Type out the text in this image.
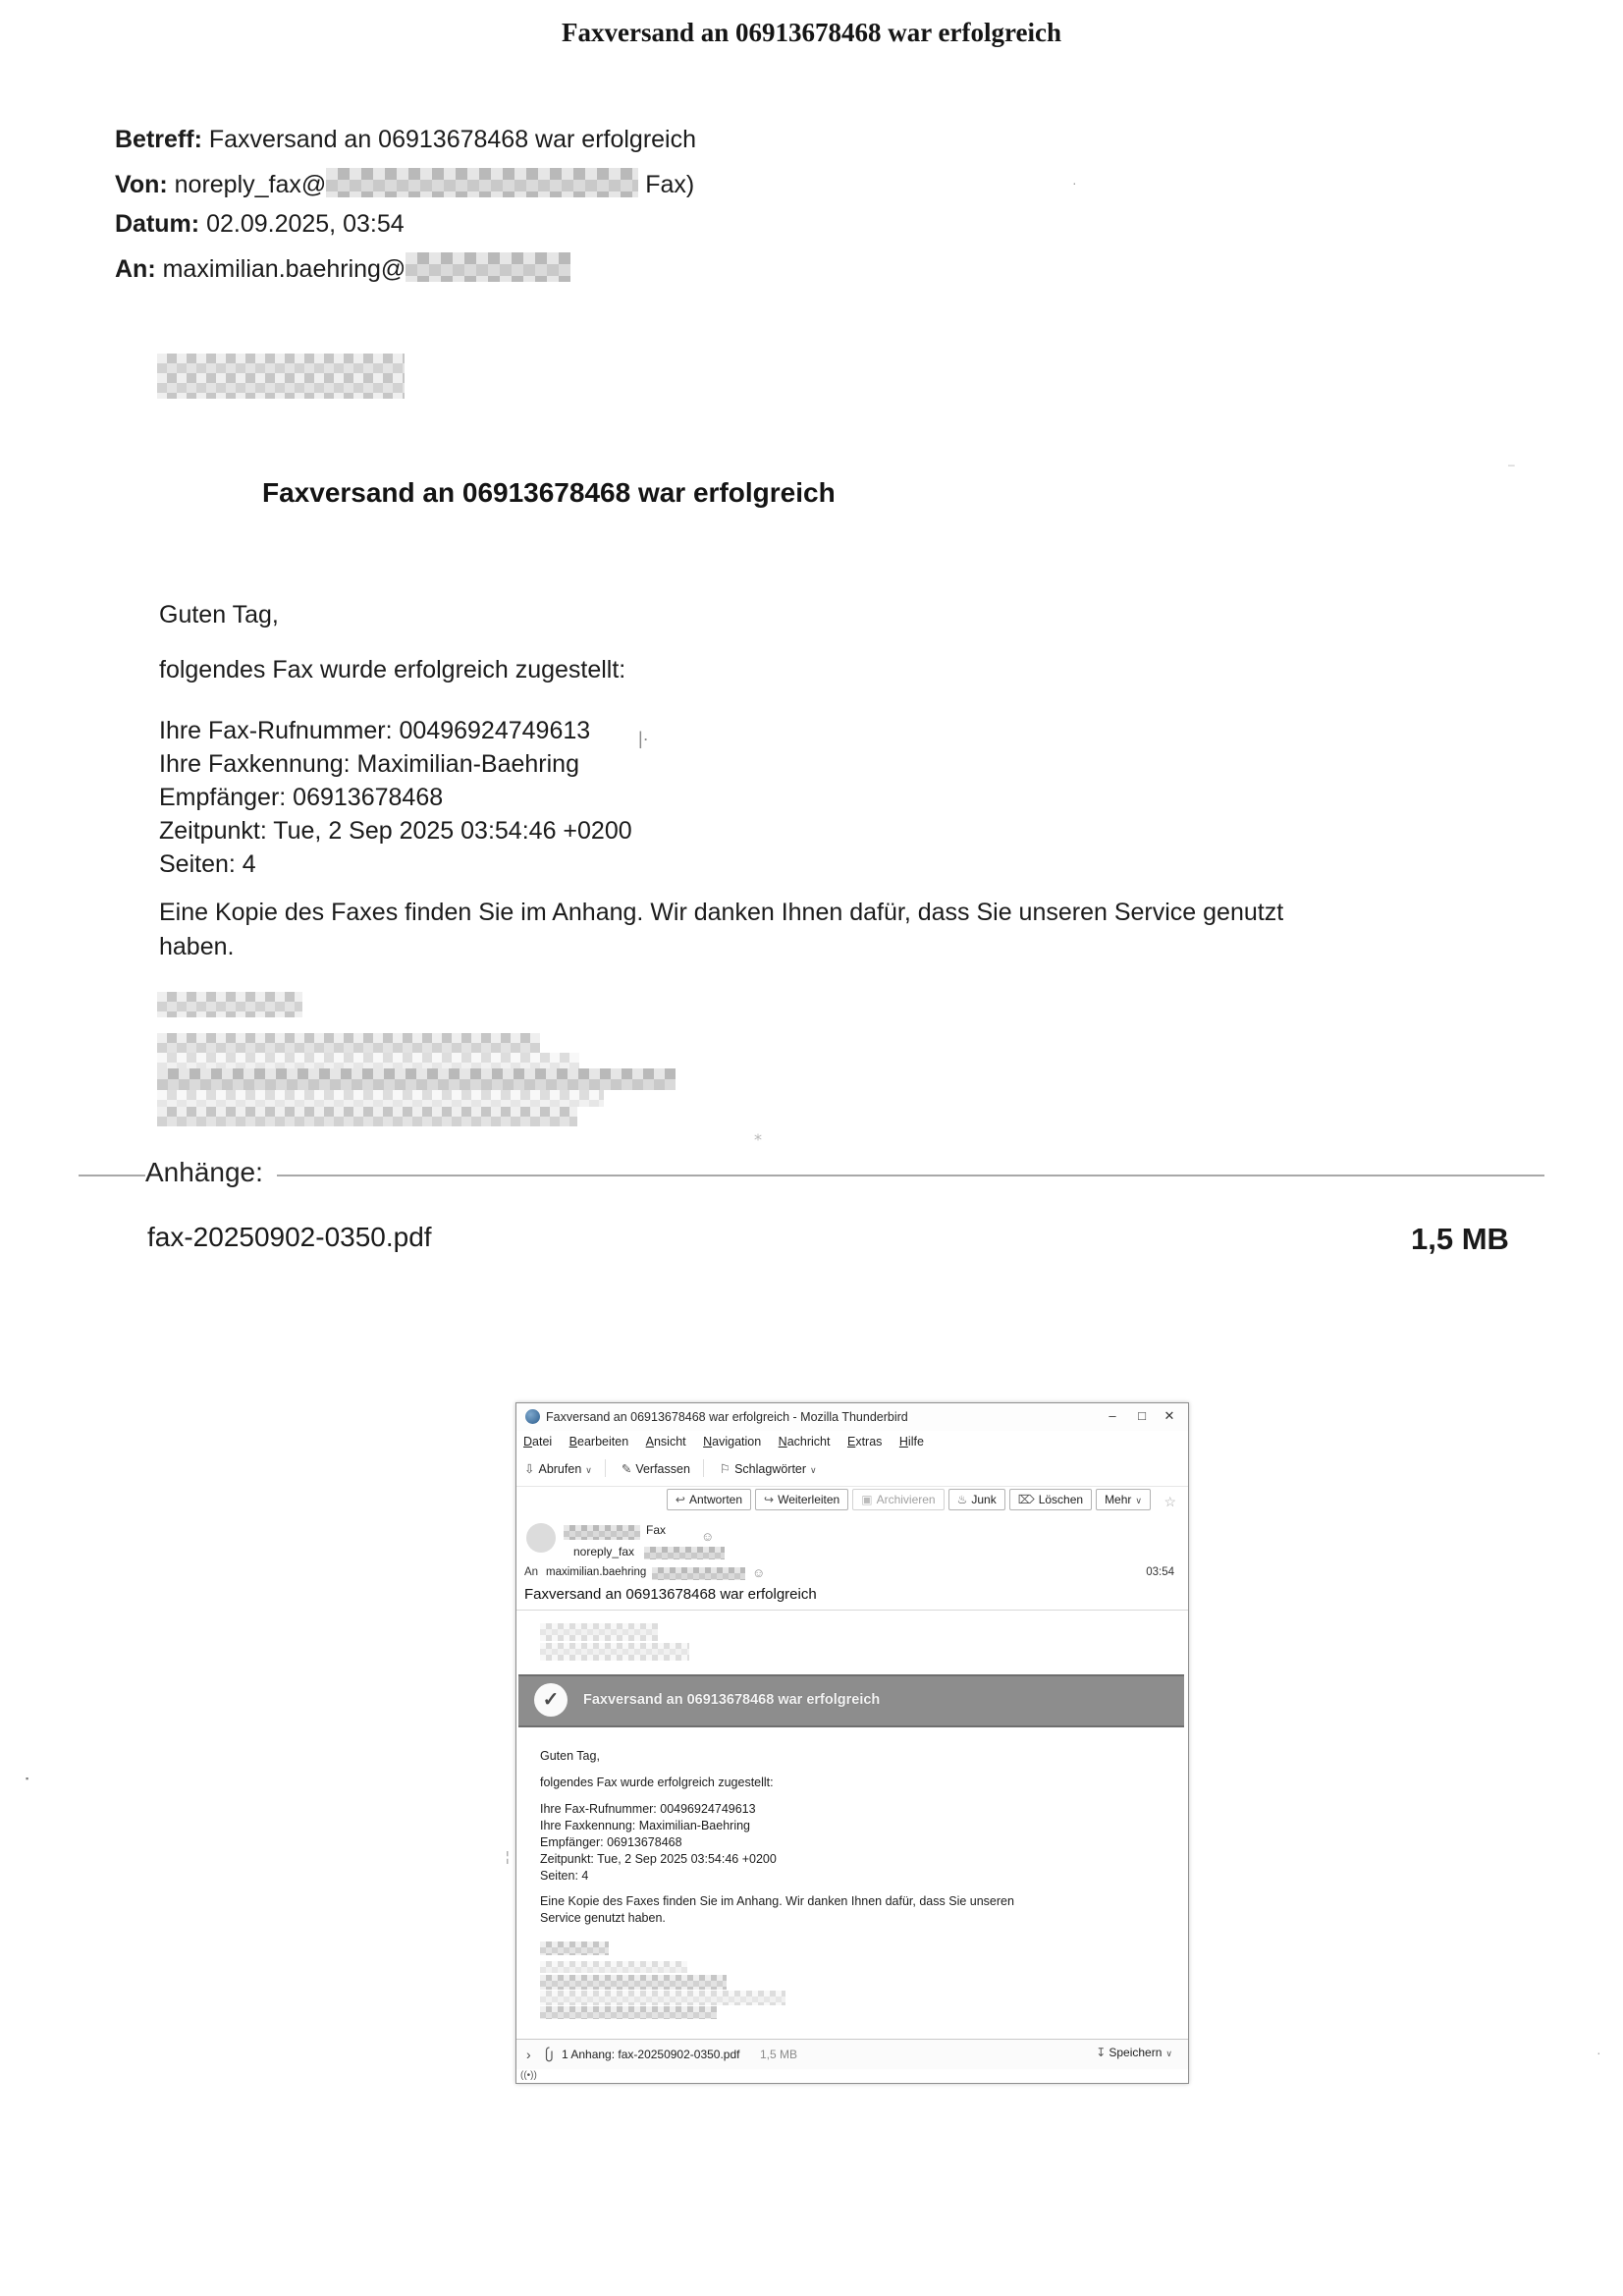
Faxversand an 06913678468 war erfolgreich
Betreff: Faxversand an 06913678468 war erfolgreich
Von: noreply_fax@	Fax)
Datum: 02.09.2025, 03:54
An: maximilian.baehring@
Faxversand an 06913678468 war erfolgreich
Guten Tag,
folgendes Fax wurde erfolgreich zugestellt:
Ihre Fax-Rufnummer: 00496924749613
Ihre Faxkennung: Maximilian-Baehring
Empfänger: 06913678468
Zeitpunkt: Tue, 2 Sep 2025 03:54:46 +0200
Seiten: 4
Eine Kopie des Faxes finden Sie im Anhang. Wir danken Ihnen dafür, dass Sie unseren Service genutzt haben.
Anhänge:
fax-20250902-0350.pdf	1,5 MB
Faxversand an 06913678468 war erfolgreich - Mozilla Thunderbird	–	□	✕
Datei Bearbeiten Ansicht Navigation Nachricht Extras Hilfe
⇩ Abrufen ∨ ✎ Verfassen ⚐ Schlagwörter ∨
↩ Antworten	↪ Weiterleiten	▣ Archivieren	♨ Junk	⌦ Löschen	Mehr ∨	☆
Fax
noreply_fax
☺
An maximilian.baehring	☺	03:54
Faxversand an 06913678468 war erfolgreich
✓	Faxversand an 06913678468 war erfolgreich
Guten Tag,
folgendes Fax wurde erfolgreich zugestellt:
Ihre Fax-Rufnummer: 00496924749613
Ihre Faxkennung: Maximilian-Baehring
Empfänger: 06913678468
Zeitpunkt: Tue, 2 Sep 2025 03:54:46 +0200
Seiten: 4
Eine Kopie des Faxes finden Sie im Anhang. Wir danken Ihnen dafür, dass Sie unseren
Service genutzt haben.
›	1 Anhang: fax-20250902-0350.pdf 1,5 MB	↧ Speichern ∨
((•))
·
–
|·
⁎
¦
·
▪
